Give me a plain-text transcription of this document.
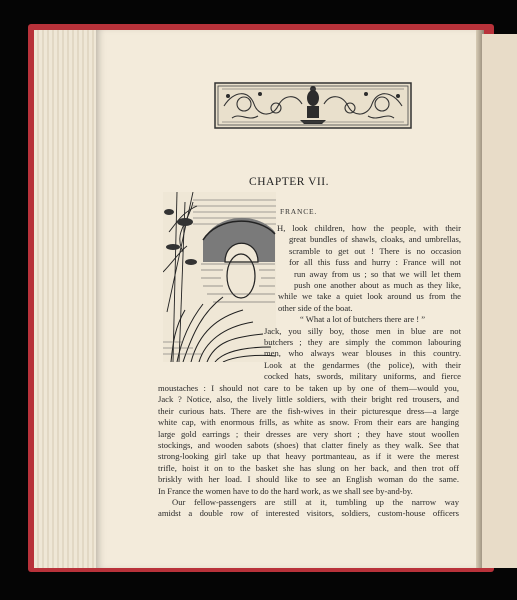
CHAPTER VII.
FRANCE.
H, look children, how the people, with their
great bundles of shawls, cloaks, and umbrellas,
scramble to get out ! There is no occasion
for all this fuss and hurry : France will not
run away from us ; so that we will let them
push one another about as much as they like,
while we take a quiet look around us from the
other side of the boat.
“ What a lot of butchers there are ! ”
Jack, you silly boy, those men in blue are not
butchers ; they are simply the common labouring
men, who always wear blouses in this country.
Look at the gendarmes (the police), with their
cocked hats, swords, military uniforms, and fierce
moustaches : I should not care to be taken up by one of them—would you,
Jack ? Notice, also, the lively little soldiers, with their bright red trousers, and
their curious hats. There are the fish-wives in their picturesque dress—a large
white cap, with enormous frills, as white as snow. From their ears are hanging
large gold earrings ; their dresses are very short ; they have stout woollen
stockings, and wooden sabots (shoes) that clatter finely as they walk. See that
strong-looking girl take up that heavy portmanteau, as if it were the merest
trifle, hoist it on to the basket she has slung on her back, and then trot off
briskly with her load. I should like to see an English woman do the same.
In France the women have to do the hard work, as we shall see by-and-by.
Our fellow-passengers are still at it, tumbling up the narrow way
amidst a double row of interested visitors, soldiers, custom-house officers
